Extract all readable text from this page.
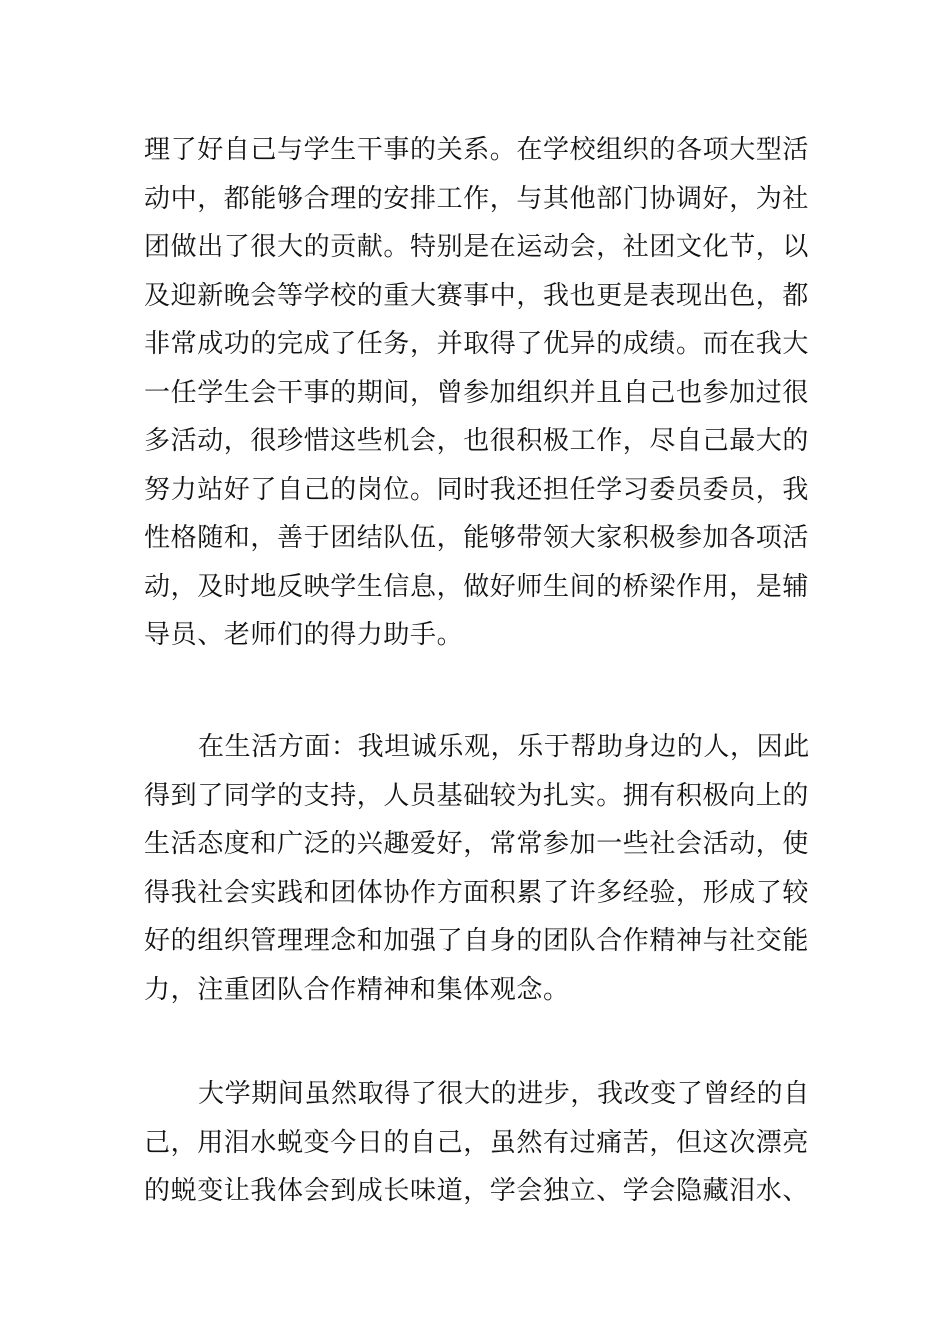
理了好自己与学生干事的关系。在学校组织的各项大型活
动中，都能够合理的安排工作，与其他部门协调好，为社
团做出了很大的贡献。特别是在运动会，社团文化节，以
及迎新晚会等学校的重大赛事中，我也更是表现出色，都
非常成功的完成了任务，并取得了优异的成绩。而在我大
一任学生会干事的期间，曾参加组织并且自己也参加过很
多活动，很珍惜这些机会，也很积极工作，尽自己最大的
努力站好了自己的岗位。同时我还担任学习委员委员，我
性格随和，善于团结队伍，能够带领大家积极参加各项活
动，及时地反映学生信息，做好师生间的桥梁作用，是辅
导员、老师们的得力助手。
在生活方面：我坦诚乐观，乐于帮助身边的人，因此
得到了同学的支持，人员基础较为扎实。拥有积极向上的
生活态度和广泛的兴趣爱好，常常参加一些社会活动，使
得我社会实践和团体协作方面积累了许多经验，形成了较
好的组织管理理念和加强了自身的团队合作精神与社交能
力，注重团队合作精神和集体观念。
大学期间虽然取得了很大的进步，我改变了曾经的自
己，用泪水蜕变今日的自己，虽然有过痛苦，但这次漂亮
的蜕变让我体会到成长味道，学会独立、学会隐藏泪水、
